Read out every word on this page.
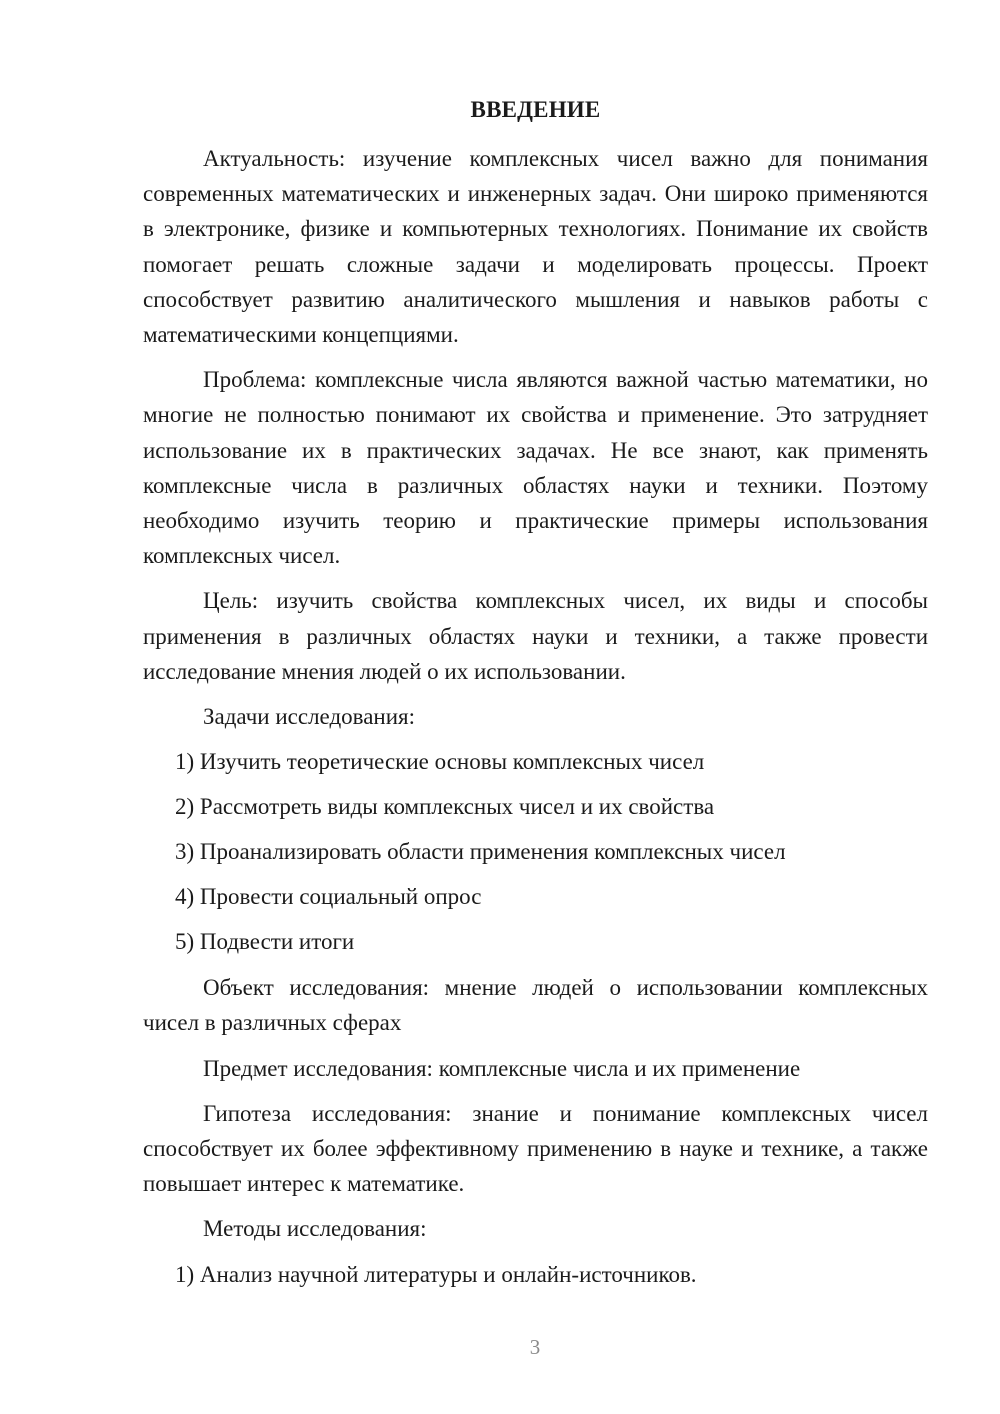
ВВЕДЕНИЕ

Актуальность: изучение комплексных чисел важно для понимания современных математических и инженерных задач. Они широко применяются в электронике, физике и компьютерных технологиях. Понимание их свойств помогает решать сложные задачи и моделировать процессы. Проект способствует развитию аналитического мышления и навыков работы с математическими концепциями.

Проблема: комплексные числа являются важной частью математики, но многие не полностью понимают их свойства и применение. Это затрудняет использование их в практических задачах. Не все знают, как применять комплексные числа в различных областях науки и техники. Поэтому необходимо изучить теорию и практические примеры использования комплексных чисел.

Цель: изучить свойства комплексных чисел, их виды и способы применения в различных областях науки и техники, а также провести исследование мнения людей о их использовании.

Задачи исследования:

1) Изучить теоретические основы комплексных чисел

2) Рассмотреть виды комплексных чисел и их свойства

3) Проанализировать области применения комплексных чисел

4) Провести социальный опрос

5) Подвести итоги

Объект исследования: мнение людей о использовании комплексных чисел в различных сферах

Предмет исследования: комплексные числа и их применение

Гипотеза исследования: знание и понимание комплексных чисел способствует их более эффективному применению в науке и технике, а также повышает интерес к математике.

Методы исследования:

1) Анализ научной литературы и онлайн-источников.

3
